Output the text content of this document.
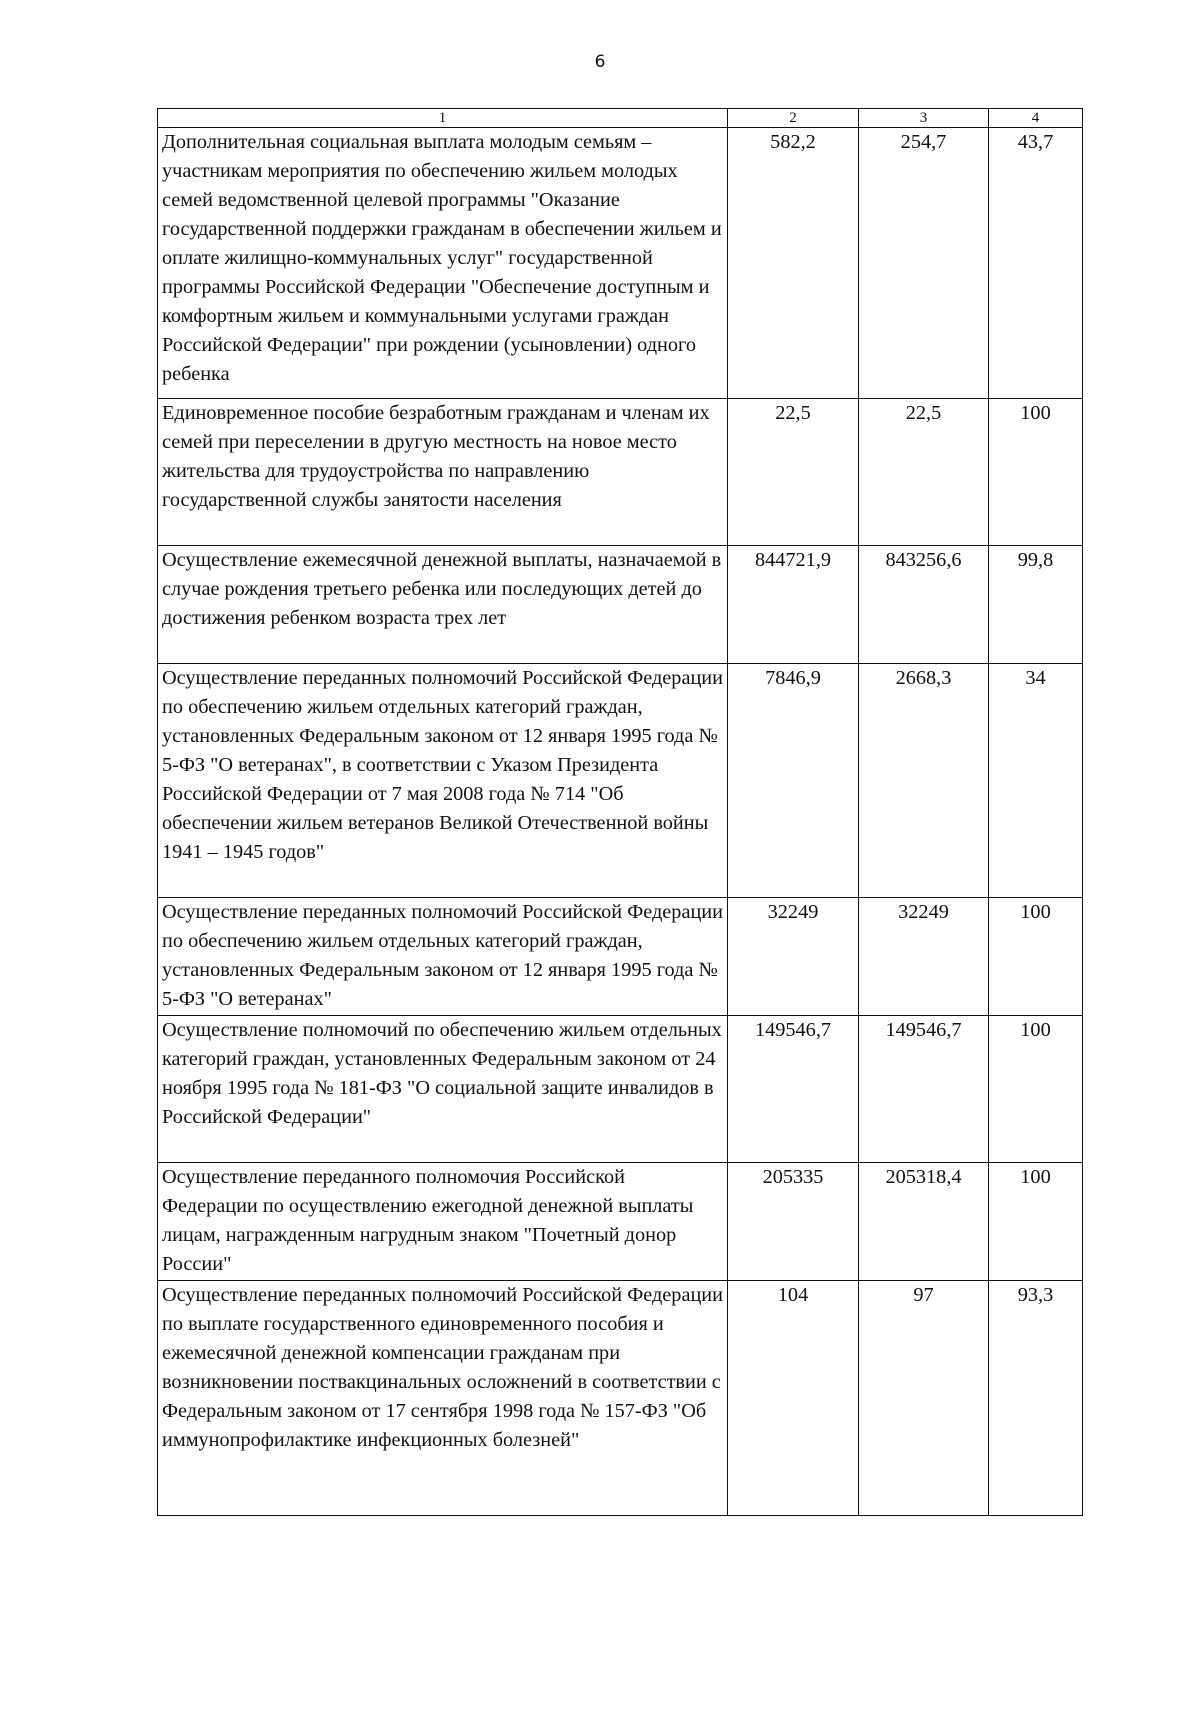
6
1	2	3	4
Дополнительная социальная выплата молодым семьям – участникам мероприятия по обеспечению жильем молодых семей ведомственной целевой программы "Оказание государственной поддержки гражданам в обеспечении жильем и оплате жилищно-коммунальных услуг" государственной программы Российской Федерации "Обеспечение доступным и комфортным жильем и коммунальными услугами граждан Российской Федерации" при рождении (усыновлении) одного ребенка	582,2	254,7	43,7
Единовременное пособие безработным гражданам и членам их семей при переселении в другую местность на новое место жительства для трудоустройства по направлению государственной службы занятости населения	22,5	22,5	100
Осуществление ежемесячной денежной выплаты, назначаемой в случае рождения третьего ребенка или последующих детей до достижения ребенком возраста трех лет	844721,9	843256,6	99,8
Осуществление переданных полномочий Российской Федерации по обеспечению жильем отдельных категорий граждан, установленных Федеральным законом от 12 января 1995 года № 5-ФЗ "О ветеранах", в соответствии с Указом Президента Российской Федерации от 7 мая 2008 года № 714 "Об обеспечении жильем ветеранов Великой Отечественной войны 1941 – 1945 годов"	7846,9	2668,3	34
Осуществление переданных полномочий Российской Федерации по обеспечению жильем отдельных категорий граждан, установленных Федеральным законом от 12 января 1995 года № 5-ФЗ "О ветеранах"	32249	32249	100
Осуществление полномочий по обеспечению жильем отдельных категорий граждан, установленных Федеральным законом от 24 ноября 1995 года № 181-ФЗ "О социальной защите инвалидов в Российской Федерации"	149546,7	149546,7	100
Осуществление переданного полномочия Российской Федерации по осуществлению ежегодной денежной выплаты лицам, награжденным нагрудным знаком "Почетный донор России"	205335	205318,4	100
Осуществление переданных полномочий Российской Федерации по выплате государственного единовременного пособия и ежемесячной денежной компенсации гражданам при возникновении поствакцинальных осложнений в соответствии с Федеральным законом от 17 сентября 1998 года № 157-ФЗ "Об иммунопрофилактике инфекционных болезней"	104	97	93,3
